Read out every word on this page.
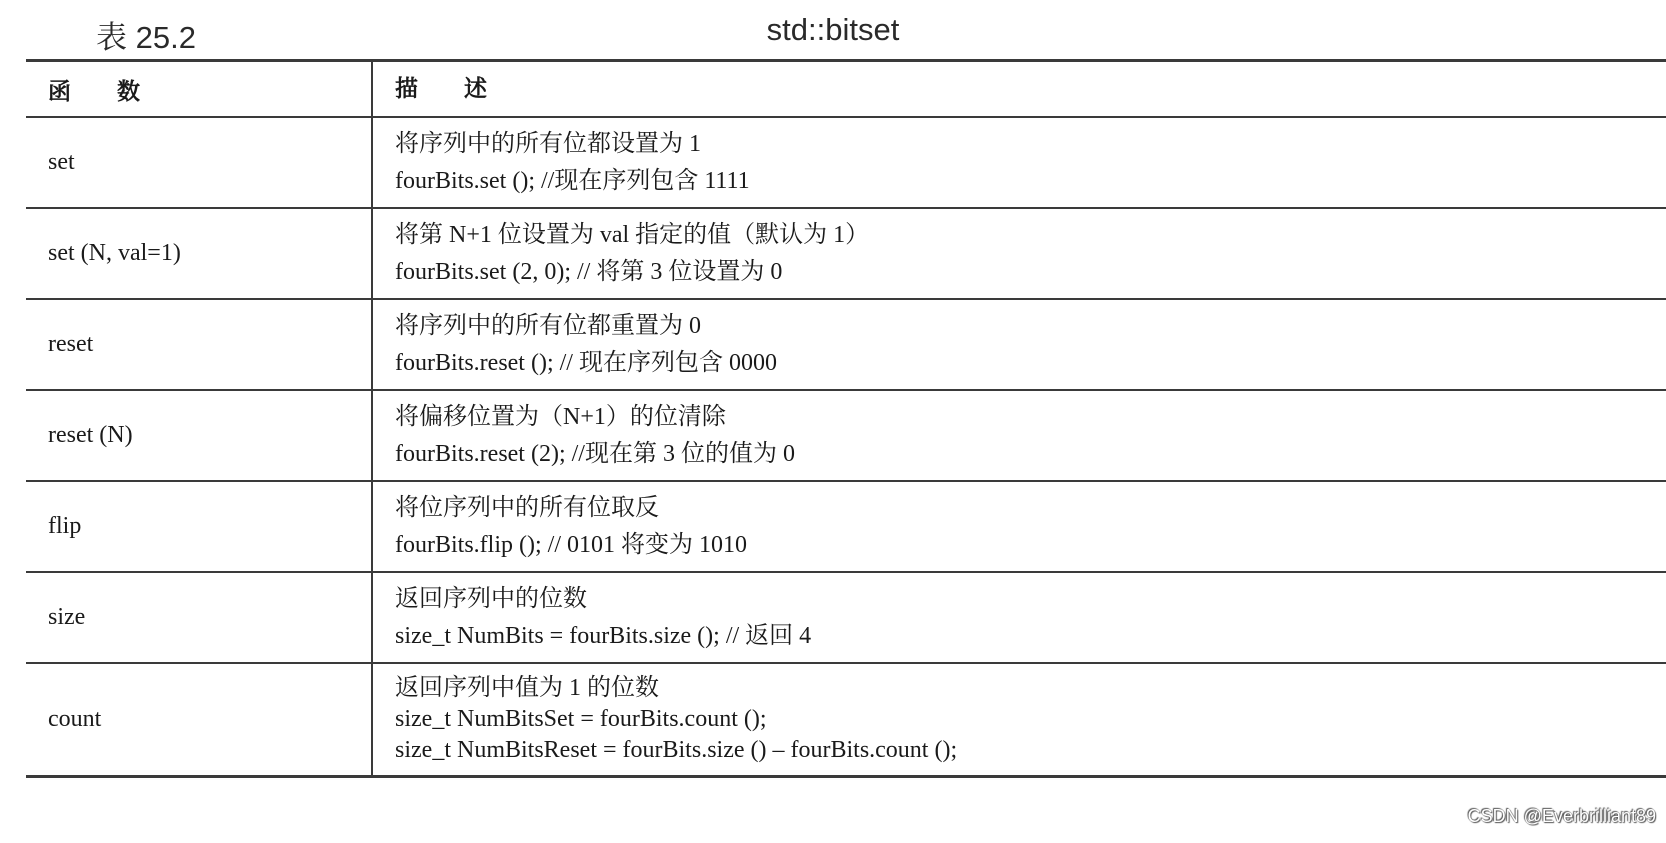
表 25.2	std::bitset
函 数	描 述
set
将序列中的所有位都设置为 1
fourBits.set (); //现在序列包含 1111
set (N, val=1)
将第 N+1 位设置为 val 指定的值（默认为 1）
fourBits.set (2, 0); // 将第 3 位设置为 0
reset
将序列中的所有位都重置为 0
fourBits.reset (); // 现在序列包含 0000
reset (N)
将偏移位置为（N+1）的位清除
fourBits.reset (2); //现在第 3 位的值为 0
flip
将位序列中的所有位取反
fourBits.flip (); // 0101 将变为 1010
size
返回序列中的位数
size_t NumBits = fourBits.size (); // 返回 4
count
返回序列中值为 1 的位数
size_t NumBitsSet = fourBits.count ();
size_t NumBitsReset = fourBits.size () – fourBits.count ();
CSDN @Everbrilliant89
